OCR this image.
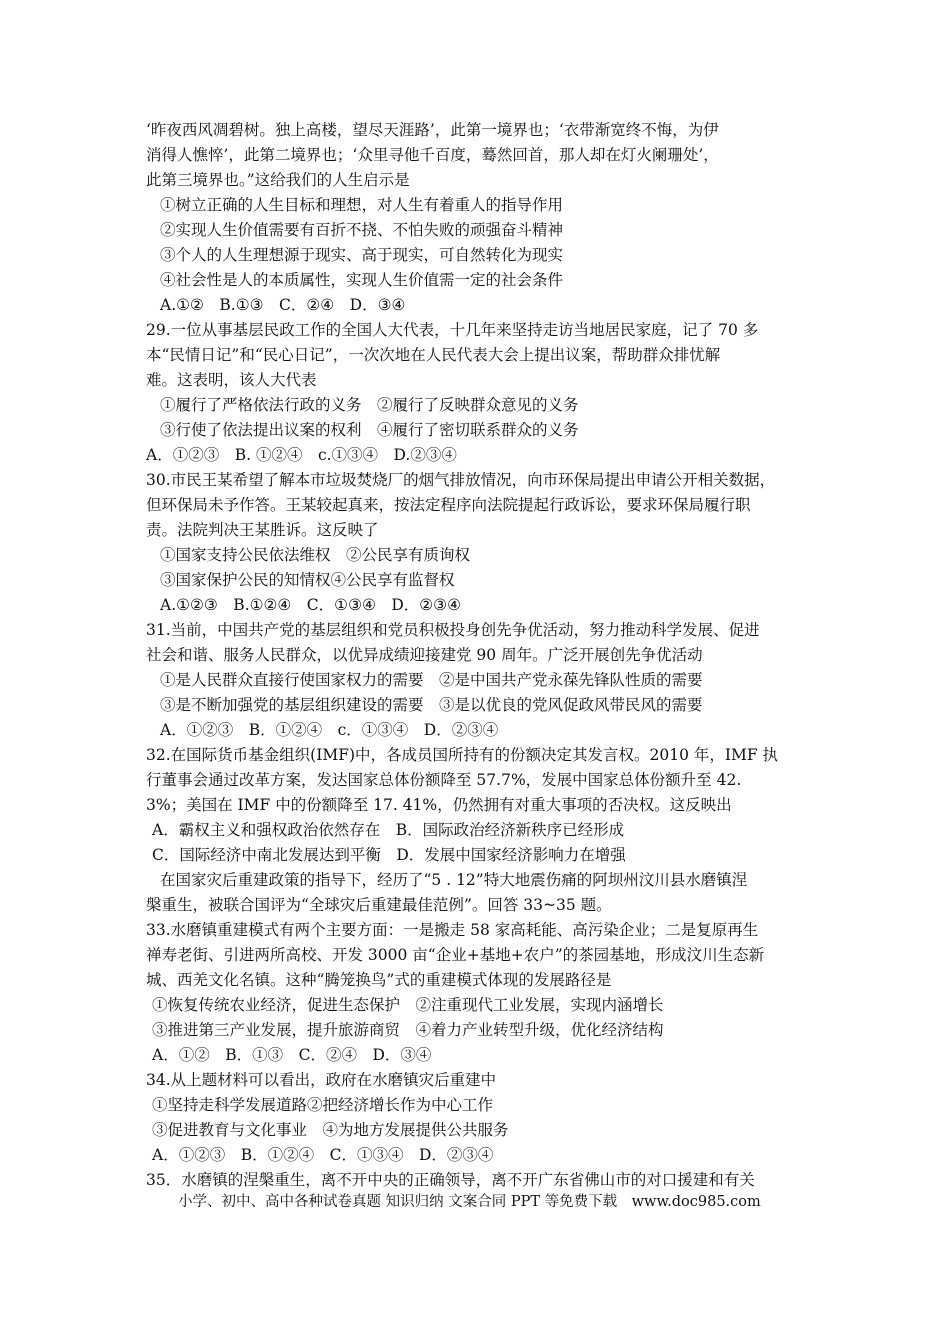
‘昨夜西风凋碧树。独上高楼，望尽天涯路’，此第一境界也；‘衣带渐宽终不悔，为伊
消得人憔悴’，此第二境界也；‘众里寻他千百度，蓦然回首，那人却在灯火阑珊处’，
此第三境界也。”这给我们的人生启示是
①树立正确的人生目标和理想，对人生有着重人的指导作用
②实现人生价值需要有百折不挠、不怕失败的顽强奋斗精神
③个人的人生理想源于现实、高于现实，可自然转化为现实
④社会性是人的本质属性，实现人生价值需一定的社会条件
A.①②　B.①③　C．②④　D．③④
29.一位从事基层民政工作的全国人大代表，十几年来坚持走访当地居民家庭，记了 70 多
本“民情日记”和“民心日记”，一次次地在人民代表大会上提出议案，帮助群众排忧解
难。这表明，该人大代表
①履行了严格依法行政的义务　②履行了反映群众意见的义务
③行使了依法提出议案的权利　④履行了密切联系群众的义务
A．①②③　B. ①②④　c.①③④　D.②③④
30.市民王某希望了解本市垃圾焚烧厂的烟气排放情况，向市环保局提出申请公开相关数据，
但环保局未予作答。王某较起真来，按法定程序向法院提起行政诉讼，要求环保局履行职
责。法院判决王某胜诉。这反映了
①国家支持公民依法维权　②公民享有质询权
③国家保护公民的知情权④公民享有监督权
A.①②③　B.①②④　C．①③④　D．②③④
31.当前，中国共产党的基层组织和党员积极投身创先争优活动，努力推动科学发展、促进
社会和谐、服务人民群众，以优异成绩迎接建党 90 周年。广泛开展创先争优活动
①是人民群众直接行使国家权力的需要　②是中国共产党永葆先锋队性质的需要
③是不断加强党的基层组织建设的需要　③是以优良的党风促政风带民风的需要
A．①②③　B．①②④　c．①③④　D．②③④
32.在国际货币基金组织(IMF)中，各成员国所持有的份额决定其发言权。2010 年，IMF 执
行董事会通过改革方案，发达国家总体份额降至 57.7%，发展中国家总体份额升至 42.
3%；美国在 IMF 中的份额降至 17. 41%，仍然拥有对重大事项的否决权。这反映出
A．霸权主义和强权政治依然存在　B．国际政治经济新秩序已经形成
C．国际经济中南北发展达到平衡　D．发展中国家经济影响力在增强
在国家灾后重建政策的指导下，经历了“5 . 12”特大地震伤痛的阿坝州汶川县水磨镇涅
槃重生，被联合国评为“全球灾后重建最佳范例”。回答 33~35 题。
33.水磨镇重建模式有两个主要方面：一是搬走 58 家高耗能、高污染企业；二是复原再生
禅寿老街、引进两所高校、开发 3000 亩“企业+基地+农户”的茶园基地，形成汶川生态新
城、西羌文化名镇。这种“腾笼换鸟”式的重建模式体现的发展路径是
①恢复传统农业经济，促进生态保护　②注重现代工业发展，实现内涵增长
③推进第三产业发展，提升旅游商贸　④着力产业转型升级，优化经济结构
A．①②　B．①③　C．②④　D．③④
34.从上题材料可以看出，政府在水磨镇灾后重建中
①坚持走科学发展道路②把经济增长作为中心工作
③促进教育与文化事业　④为地方发展提供公共服务
A．①②③　B．①②④　C．①③④　D．②③④
35．水磨镇的涅槃重生，离不开中央的正确领导，离不开广东省佛山市的对口援建和有关
小学、初中、高中各种试卷真题 知识归纳 文案合同 PPT 等免费下载　www.doc985.com
